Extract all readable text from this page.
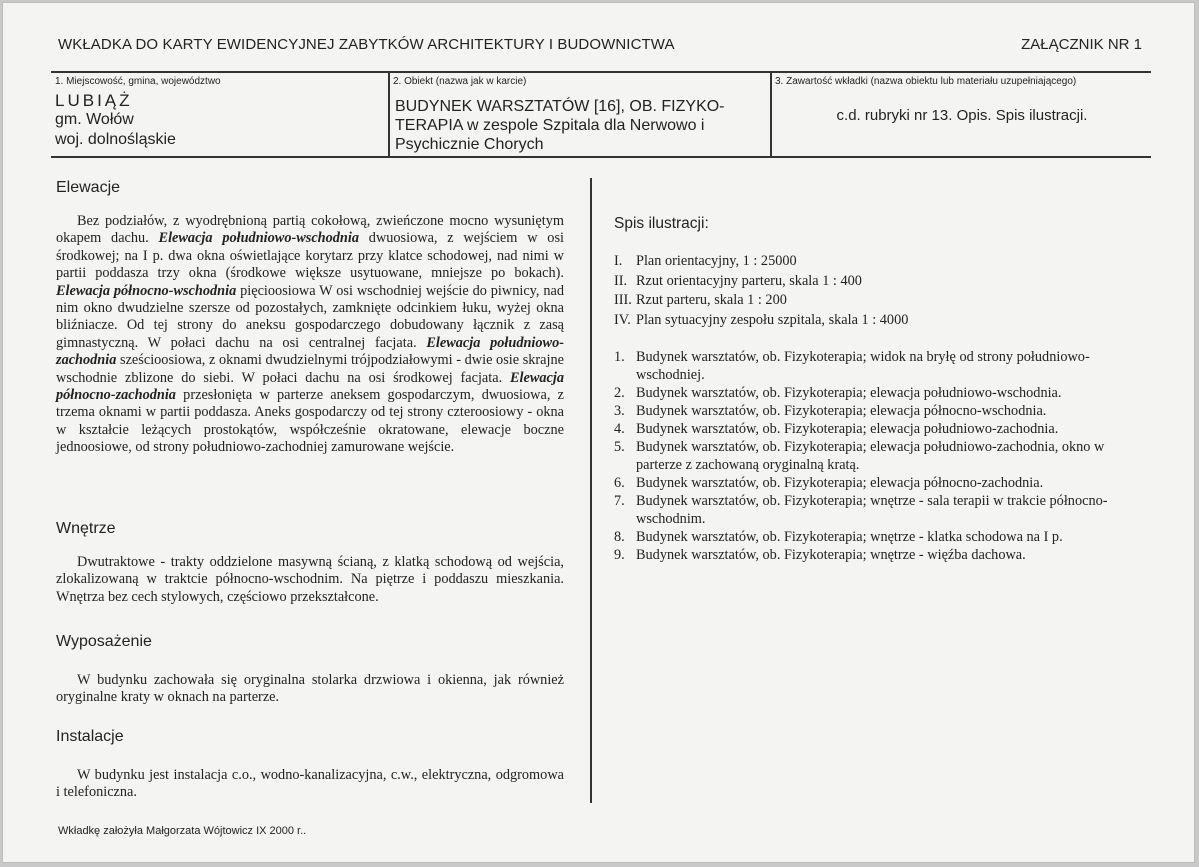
WKŁADKA DO KARTY EWIDENCYJNEJ ZABYTKÓW ARCHITEKTURY I BUDOWNICTWA	ZAŁĄCZNIK NR 1
1. Miejscowość, gmina, województwo
LUBIĄŻ
gm. Wołów
woj. dolnośląskie
2. Obiekt (nazwa jak w karcie)
BUDYNEK WARSZTATÓW [16], OB. FIZYKO-TERAPIA w zespole Szpitala dla Nerwowo i Psychicznie Chorych
3. Zawartość wkładki (nazwa obiektu lub materiału uzupełniającego)
c.d. rubryki nr 13. Opis. Spis ilustracji.
Elewacje

Bez podziałów, z wyodrębnioną partią cokołową, zwieńczone mocno wysuniętym okapem dachu. Elewacja południowo-wschodnia dwuosiowa, z wejściem w osi środkowej; na I p. dwa okna oświetlające korytarz przy klatce schodowej, nad nimi w partii poddasza trzy okna (środkowe większe usytuowane, mniejsze po bokach). Elewacja północno-wschodnia pięcioosiowa W osi wschodniej wejście do piwnicy, nad nim okno dwudzielne szersze od pozostałych, zamknięte odcinkiem łuku, wyżej okna bliźniacze. Od tej strony do aneksu gospodarczego dobudowany łącznik z zasą gimnastyczną. W połaci dachu na osi centralnej facjata. Elewacja południowo-zachodnia sześcioosiowa, z oknami dwudzielnymi trójpodziałowymi - dwie osie skrajne wschodnie zblizone do siebi. W połaci dachu na osi środkowej facjata. Elewacja północno-zachodnia przesłonięta w parterze aneksem gospodarczym, dwuosiowa, z trzema oknami w partii poddasza. Aneks gospodarczy od tej strony czteroosiowy - okna w kształcie leżących prostokątów, współcześnie okratowane, elewacje boczne jednoosiowe, od strony południowo-zachodniej zamurowane wejście.

Wnętrze

Dwutraktowe - trakty oddzielone masywną ścianą, z klatką schodową od wejścia, zlokalizowaną w traktcie północno-wschodnim. Na piętrze i poddaszu mieszkania. Wnętrza bez cech stylowych, częściowo przekształcone.

Wyposażenie

W budynku zachowała się oryginalna stolarka drzwiowa i okienna, jak również oryginalne kraty w oknach na parterze.

Instalacje

W budynku jest instalacja c.o., wodno-kanalizacyjna, c.w., elektryczna, odgromowa i telefoniczna.

Spis ilustracji:
I. Plan orientacyjny, 1 : 25000
II. Rzut orientacyjny parteru, skala 1 : 400
III. Rzut parteru, skala 1 : 200
IV. Plan sytuacyjny zespołu szpitala, skala 1 : 4000
1. Budynek warsztatów, ob. Fizykoterapia; widok na bryłę od strony południowo-wschodniej.
2. Budynek warsztatów, ob. Fizykoterapia; elewacja południowo-wschodnia.
3. Budynek warsztatów, ob. Fizykoterapia; elewacja północno-wschodnia.
4. Budynek warsztatów, ob. Fizykoterapia; elewacja południowo-zachodnia.
5. Budynek warsztatów, ob. Fizykoterapia; elewacja południowo-zachodnia, okno w parterze z zachowaną oryginalną kratą.
6. Budynek warsztatów, ob. Fizykoterapia; elewacja północno-zachodnia.
7. Budynek warsztatów, ob. Fizykoterapia; wnętrze - sala terapii w trakcie północno-wschodnim.
8. Budynek warsztatów, ob. Fizykoterapia; wnętrze - klatka schodowa na I p.
9. Budynek warsztatów, ob. Fizykoterapia; wnętrze - więźba dachowa.
Wkładkę założyła Małgorzata Wójtowicz IX 2000 r..
